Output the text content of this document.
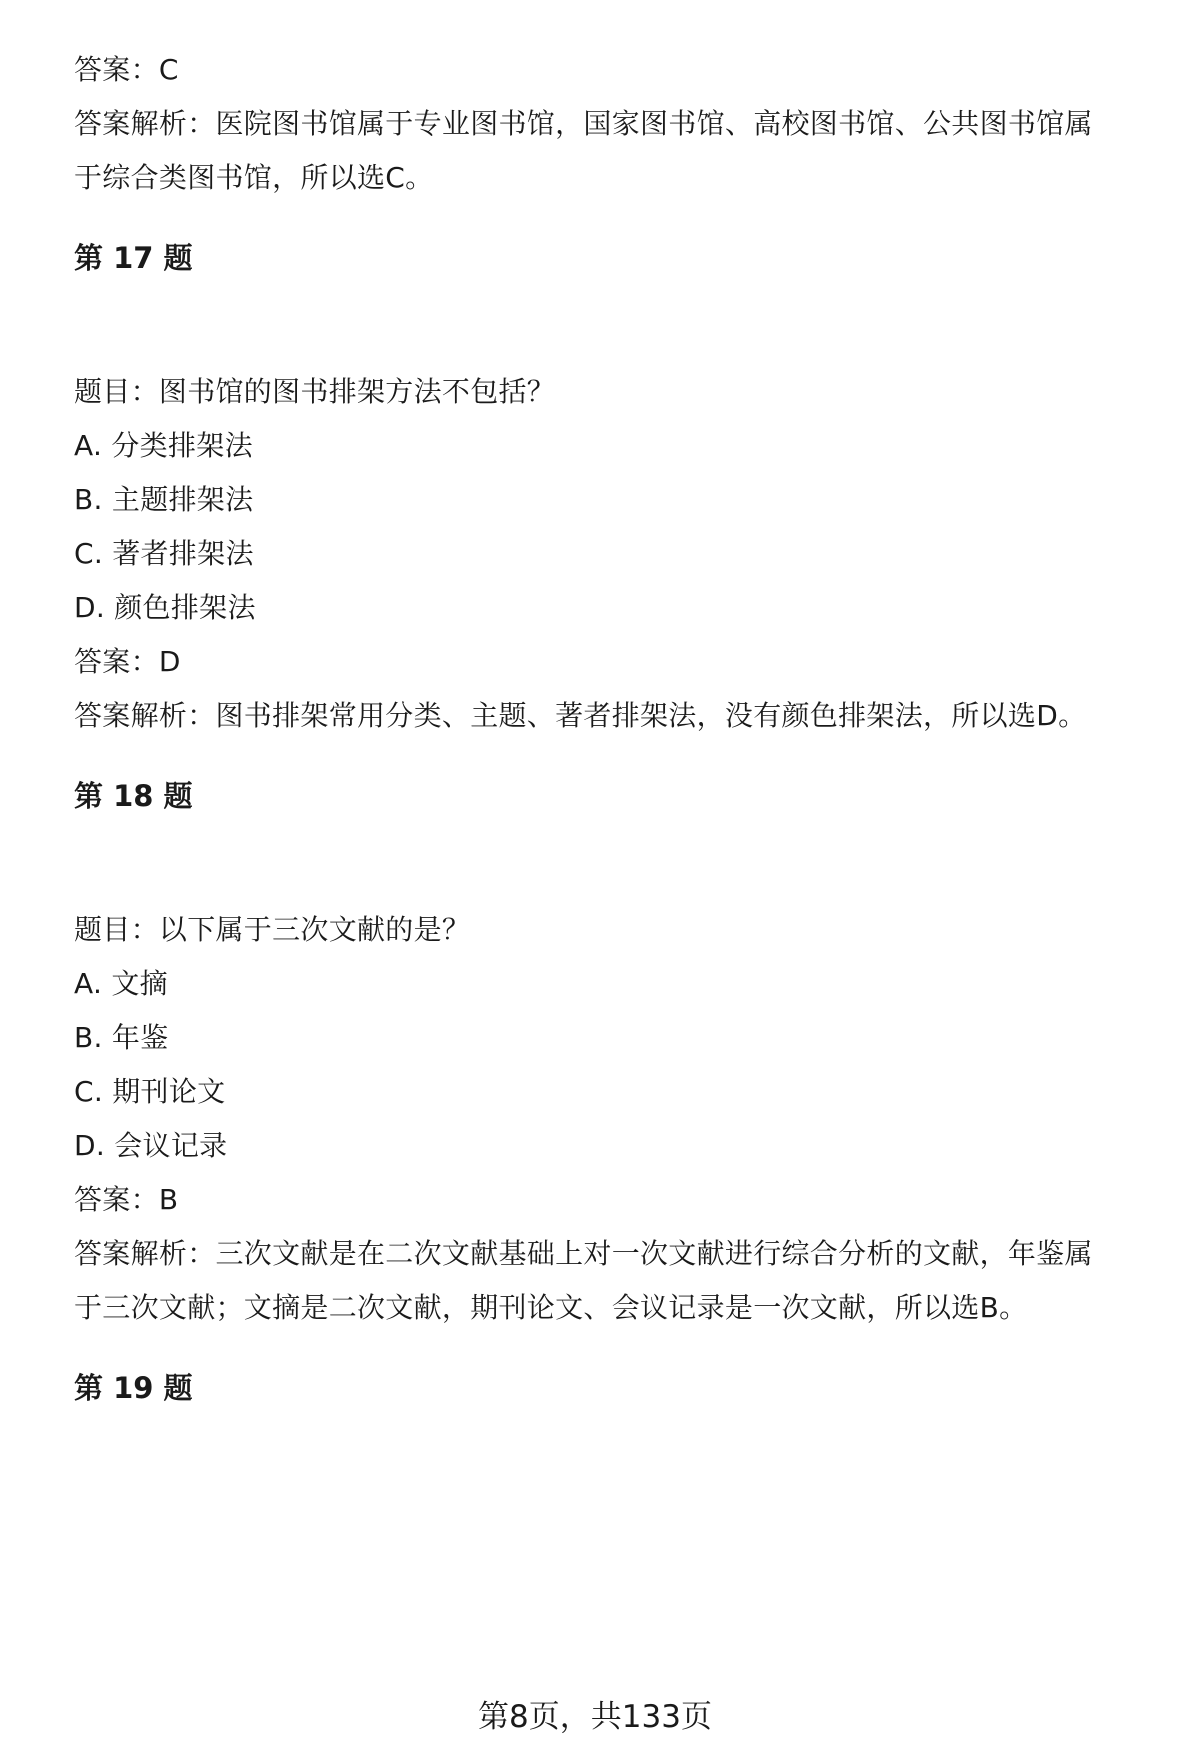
答案：C
答案解析：医院图书馆属于专业图书馆，国家图书馆、高校图书馆、公共图书馆属
于综合类图书馆，所以选C。
第 17 题
题目：图书馆的图书排架方法不包括？
A. 分类排架法
B. 主题排架法
C. 著者排架法
D. 颜色排架法
答案：D
答案解析：图书排架常用分类、主题、著者排架法，没有颜色排架法，所以选D。
第 18 题
题目：以下属于三次文献的是？
A. 文摘
B. 年鉴
C. 期刊论文
D. 会议记录
答案：B
答案解析：三次文献是在二次文献基础上对一次文献进行综合分析的文献，年鉴属
于三次文献；文摘是二次文献，期刊论文、会议记录是一次文献，所以选B。
第 19 题
第8页，共133页
